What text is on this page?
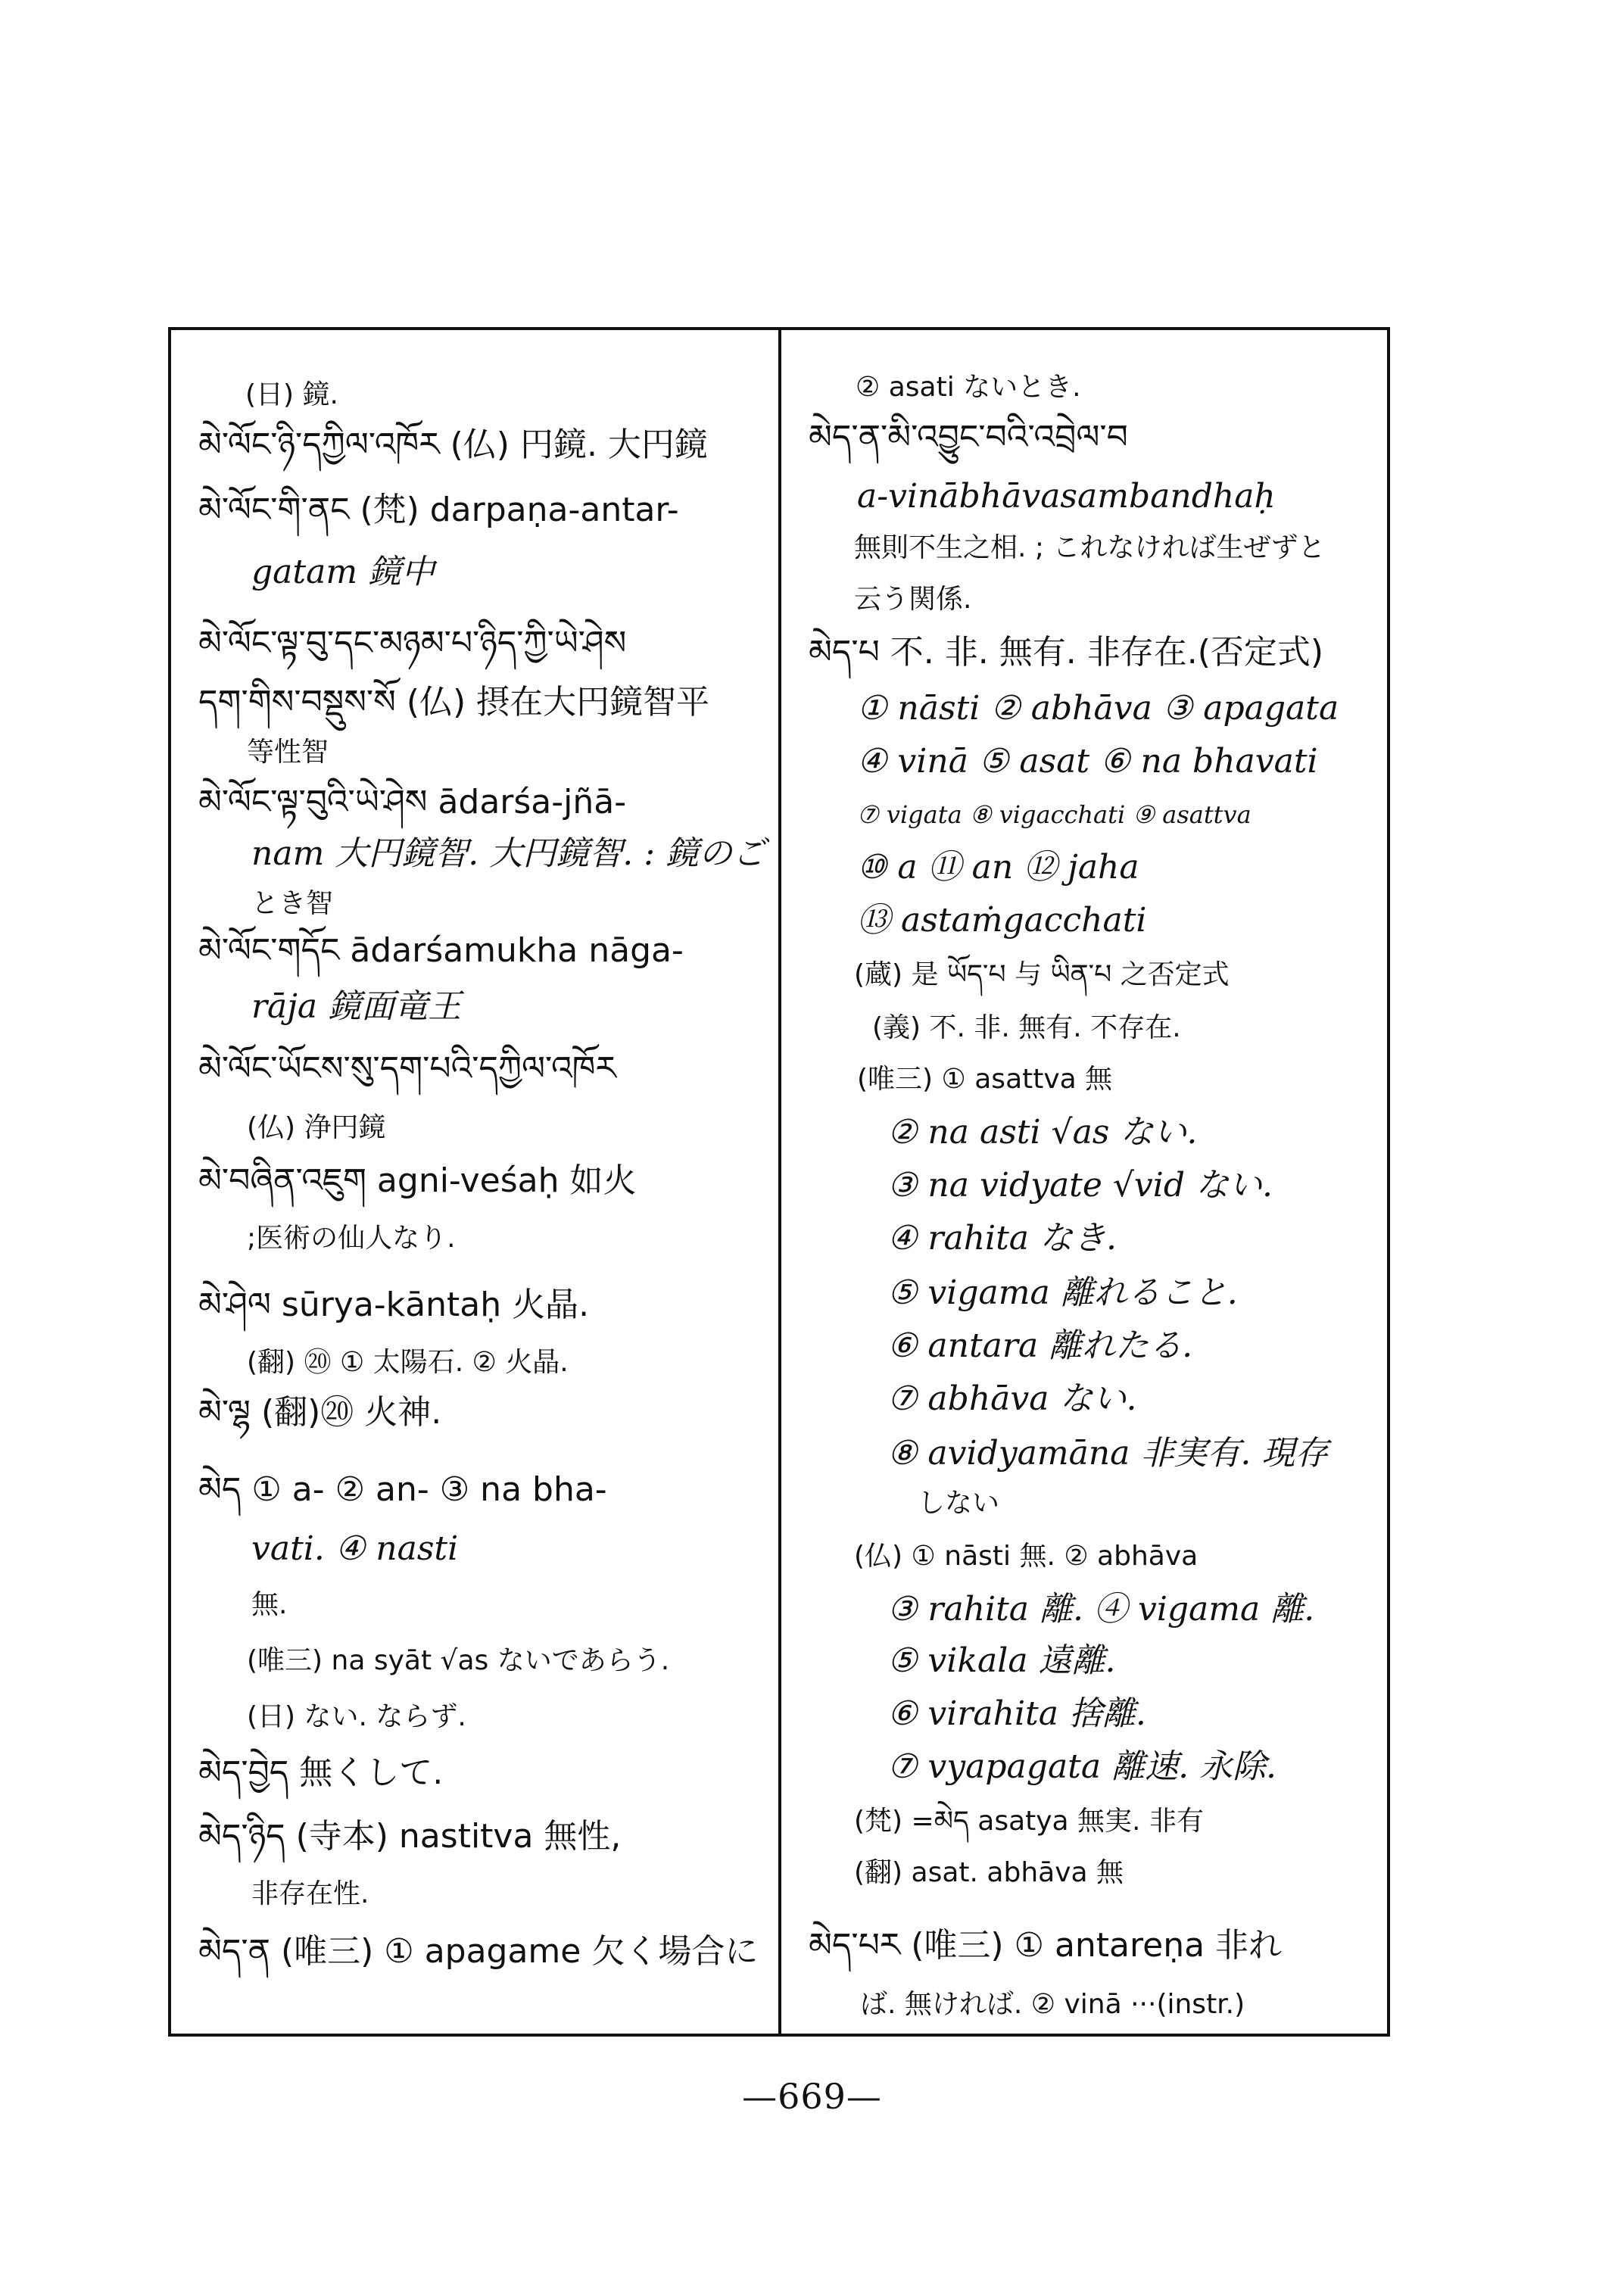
(日) 鏡.
མེ་ལོང་ཉི་དཀྱིལ་འཁོར (仏) 円鏡. 大円鏡
མེ་ལོང་གི་ནང (梵) darpaṇa-antar-
gatam 鏡中
མེ་ལོང་ལྟ་བུ་དང་མཉམ་པ་ཉིད་ཀྱི་ཡེ་ཤེས
དག་གིས་བསྡུས་སོ (仏) 摂在大円鏡智平
等性智
མེ་ལོང་ལྟ་བུའི་ཡེ་ཤེས ādarśa-jñā-
nam 大円鏡智. 大円鏡智. : 鏡のご
とき智
མེ་ལོང་གདོང ādarśamukha nāga-
rāja 鏡面竜王
མེ་ལོང་ཡོངས་སུ་དག་པའི་དཀྱིལ་འཁོར
(仏) 浄円鏡
མེ་བཞིན་འཇུག agni-veśaḥ 如火
;医術の仙人なり.
མེ་ཤེལ sūrya-kāntaḥ 火晶.
(翻) ⑳ ① 太陽石. ② 火晶.
མེ་ལྷ (翻)⑳ 火神.
མེད ① a- ② an- ③ na bha-
vati. ④ nasti
無.
(唯三) na syāt √as ないであらう.
(日) ない. ならず.
མེད་བྱེད 無くして.
མེད་ཉིད (寺本) nastitva 無性,
非存在性.
མེད་ན (唯三) ① apagame 欠く場合に
② asati ないとき.
མེད་ན་མི་འབྱུང་བའི་འབྲེལ་བ
a-vinābhāvasambandhaḥ
無則不生之相. ; これなければ生ぜずと
云う関係.
མེད་པ 不. 非. 無有. 非存在.(否定式)
① nāsti ② abhāva ③ apagata
④ vinā ⑤ asat ⑥ na bhavati
⑦ vigata ⑧ vigacchati ⑨ asattva
⑩ a ⑪ an ⑫ jaha
⑬ astaṁgacchati
(蔵) 是 ཡོད་པ 与 ཡིན་པ 之否定式
(義) 不. 非. 無有. 不存在.
(唯三) ① asattva 無
② na asti √as ない.
③ na vidyate √vid ない.
④ rahita なき.
⑤ vigama 離れること.
⑥ antara 離れたる.
⑦ abhāva ない.
⑧ avidyamāna 非実有. 現存
しない
(仏) ① nāsti 無. ② abhāva
③ rahita 離. ④ vigama 離.
⑤ vikala 遠離.
⑥ virahita 捨離.
⑦ vyapagata 離速. 永除.
(梵) =མེད asatya 無実. 非有
(翻) asat. abhāva 無
མེད་པར (唯三) ① antareṇa 非れ
ば. 無ければ. ② vinā ···(instr.)
—669—
